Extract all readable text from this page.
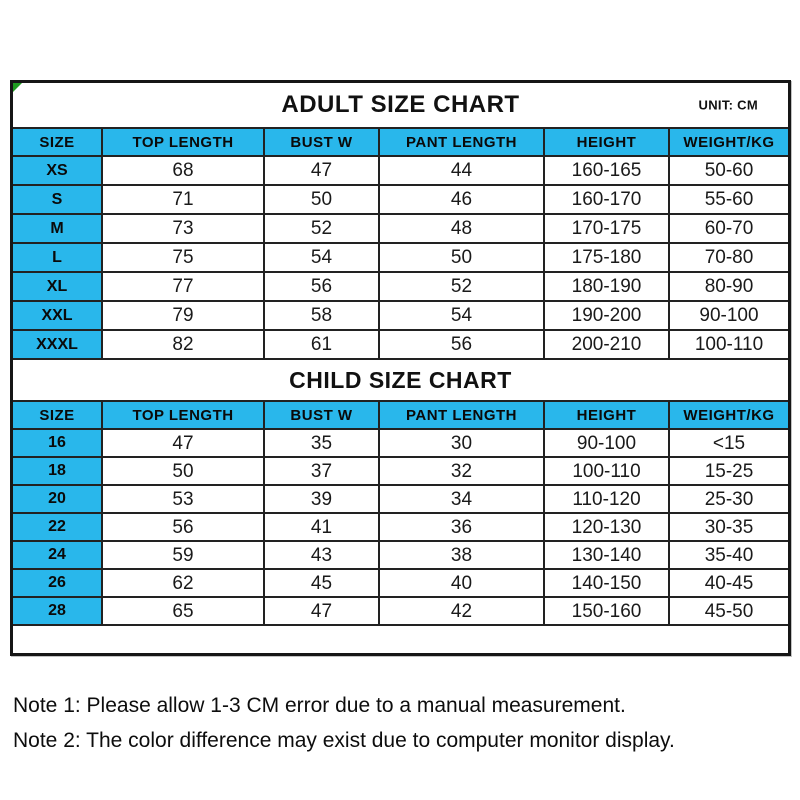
ADULT SIZE CHART	UNIT: CM
SIZE	TOP LENGTH	BUST W	PANT LENGTH	HEIGHT	WEIGHT/KG
XS	68	47	44	160-165	50-60
S	71	50	46	160-170	55-60
M	73	52	48	170-175	60-70
L	75	54	50	175-180	70-80
XL	77	56	52	180-190	80-90
XXL	79	58	54	190-200	90-100
XXXL	82	61	56	200-210	100-110
CHILD SIZE CHART
SIZE	TOP LENGTH	BUST W	PANT LENGTH	HEIGHT	WEIGHT/KG
16	47	35	30	90-100	<15
18	50	37	32	100-110	15-25
20	53	39	34	110-120	25-30
22	56	41	36	120-130	30-35
24	59	43	38	130-140	35-40
26	62	45	40	140-150	40-45
28	65	47	42	150-160	45-50

Note 1: Please allow 1-3 CM error due to a manual measurement.

Note 2: The color difference may exist due to computer monitor display.
